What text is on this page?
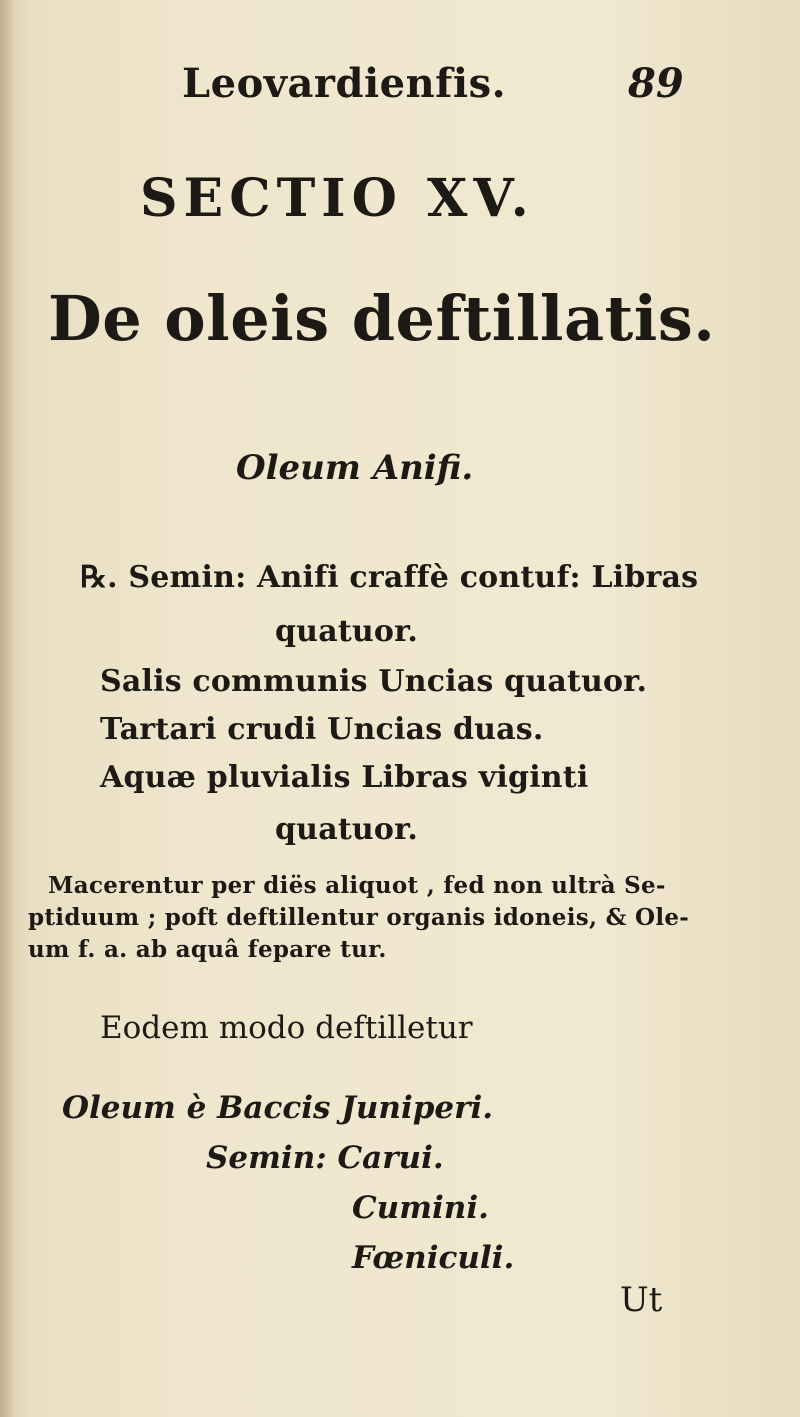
Leovardienfis.	89
SECTIO XV.
De oleis deftillatis.
Oleum Anifi.
℞. Semin: Anifi craffè contuf: Libras
quatuor.
Salis communis Uncias quatuor.
Tartari crudi Uncias duas.
Aquæ pluvialis Libras viginti
quatuor.
Macerentur per diës aliquot , fed non ultrà Se-
ptiduum ; poft deftillentur organis idoneis, & Ole-
um f. a. ab aquâ fepare tur.
Eodem modo deftilletur
Oleum è Baccis Juniperi.
Semin: Carui.
Cumini.
Fœniculi.
Ut
